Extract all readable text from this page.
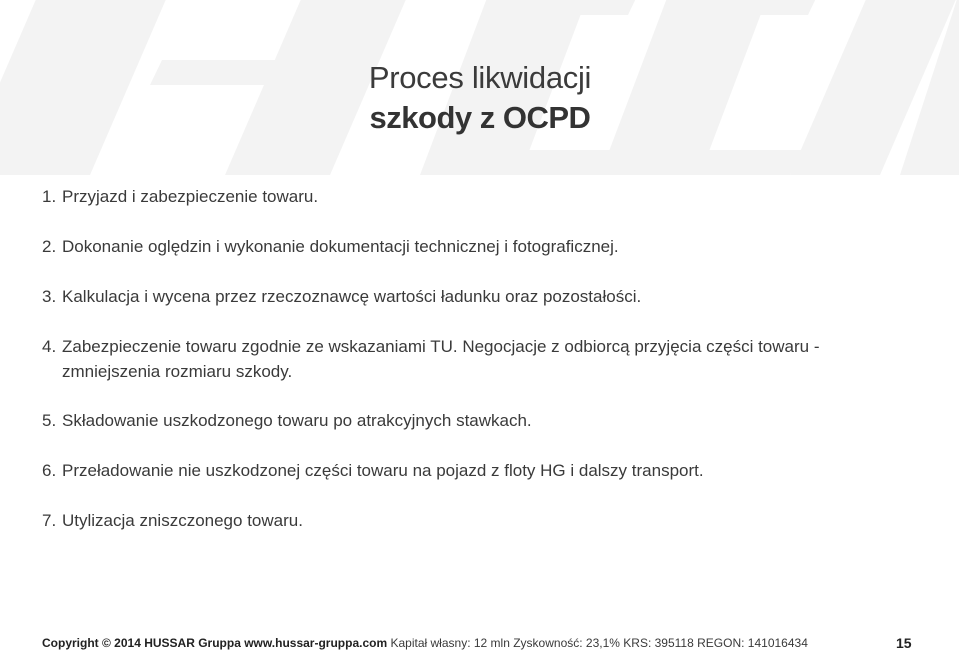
Proces likwidacji
szkody z OCPD
1. Przyjazd i zabezpieczenie towaru.
2. Dokonanie oględzin i wykonanie dokumentacji technicznej i fotograficznej.
3. Kalkulacja i wycena przez rzeczoznawcę wartości ładunku oraz pozostałości.
4. Zabezpieczenie towaru zgodnie ze wskazaniami TU. Negocjacje z odbiorcą przyjęcia części towaru - zmniejszenia rozmiaru szkody.
5. Składowanie uszkodzonego towaru po atrakcyjnych stawkach.
6. Przeładowanie nie uszkodzonej części towaru na pojazd z floty HG i dalszy transport.
7. Utylizacja zniszczonego towaru.
Copyright © 2014 HUSSAR Gruppa www.hussar-gruppa.com Kapitał własny: 12 mln Zyskowność: 23,1% KRS: 395118 REGON: 141016434	15
